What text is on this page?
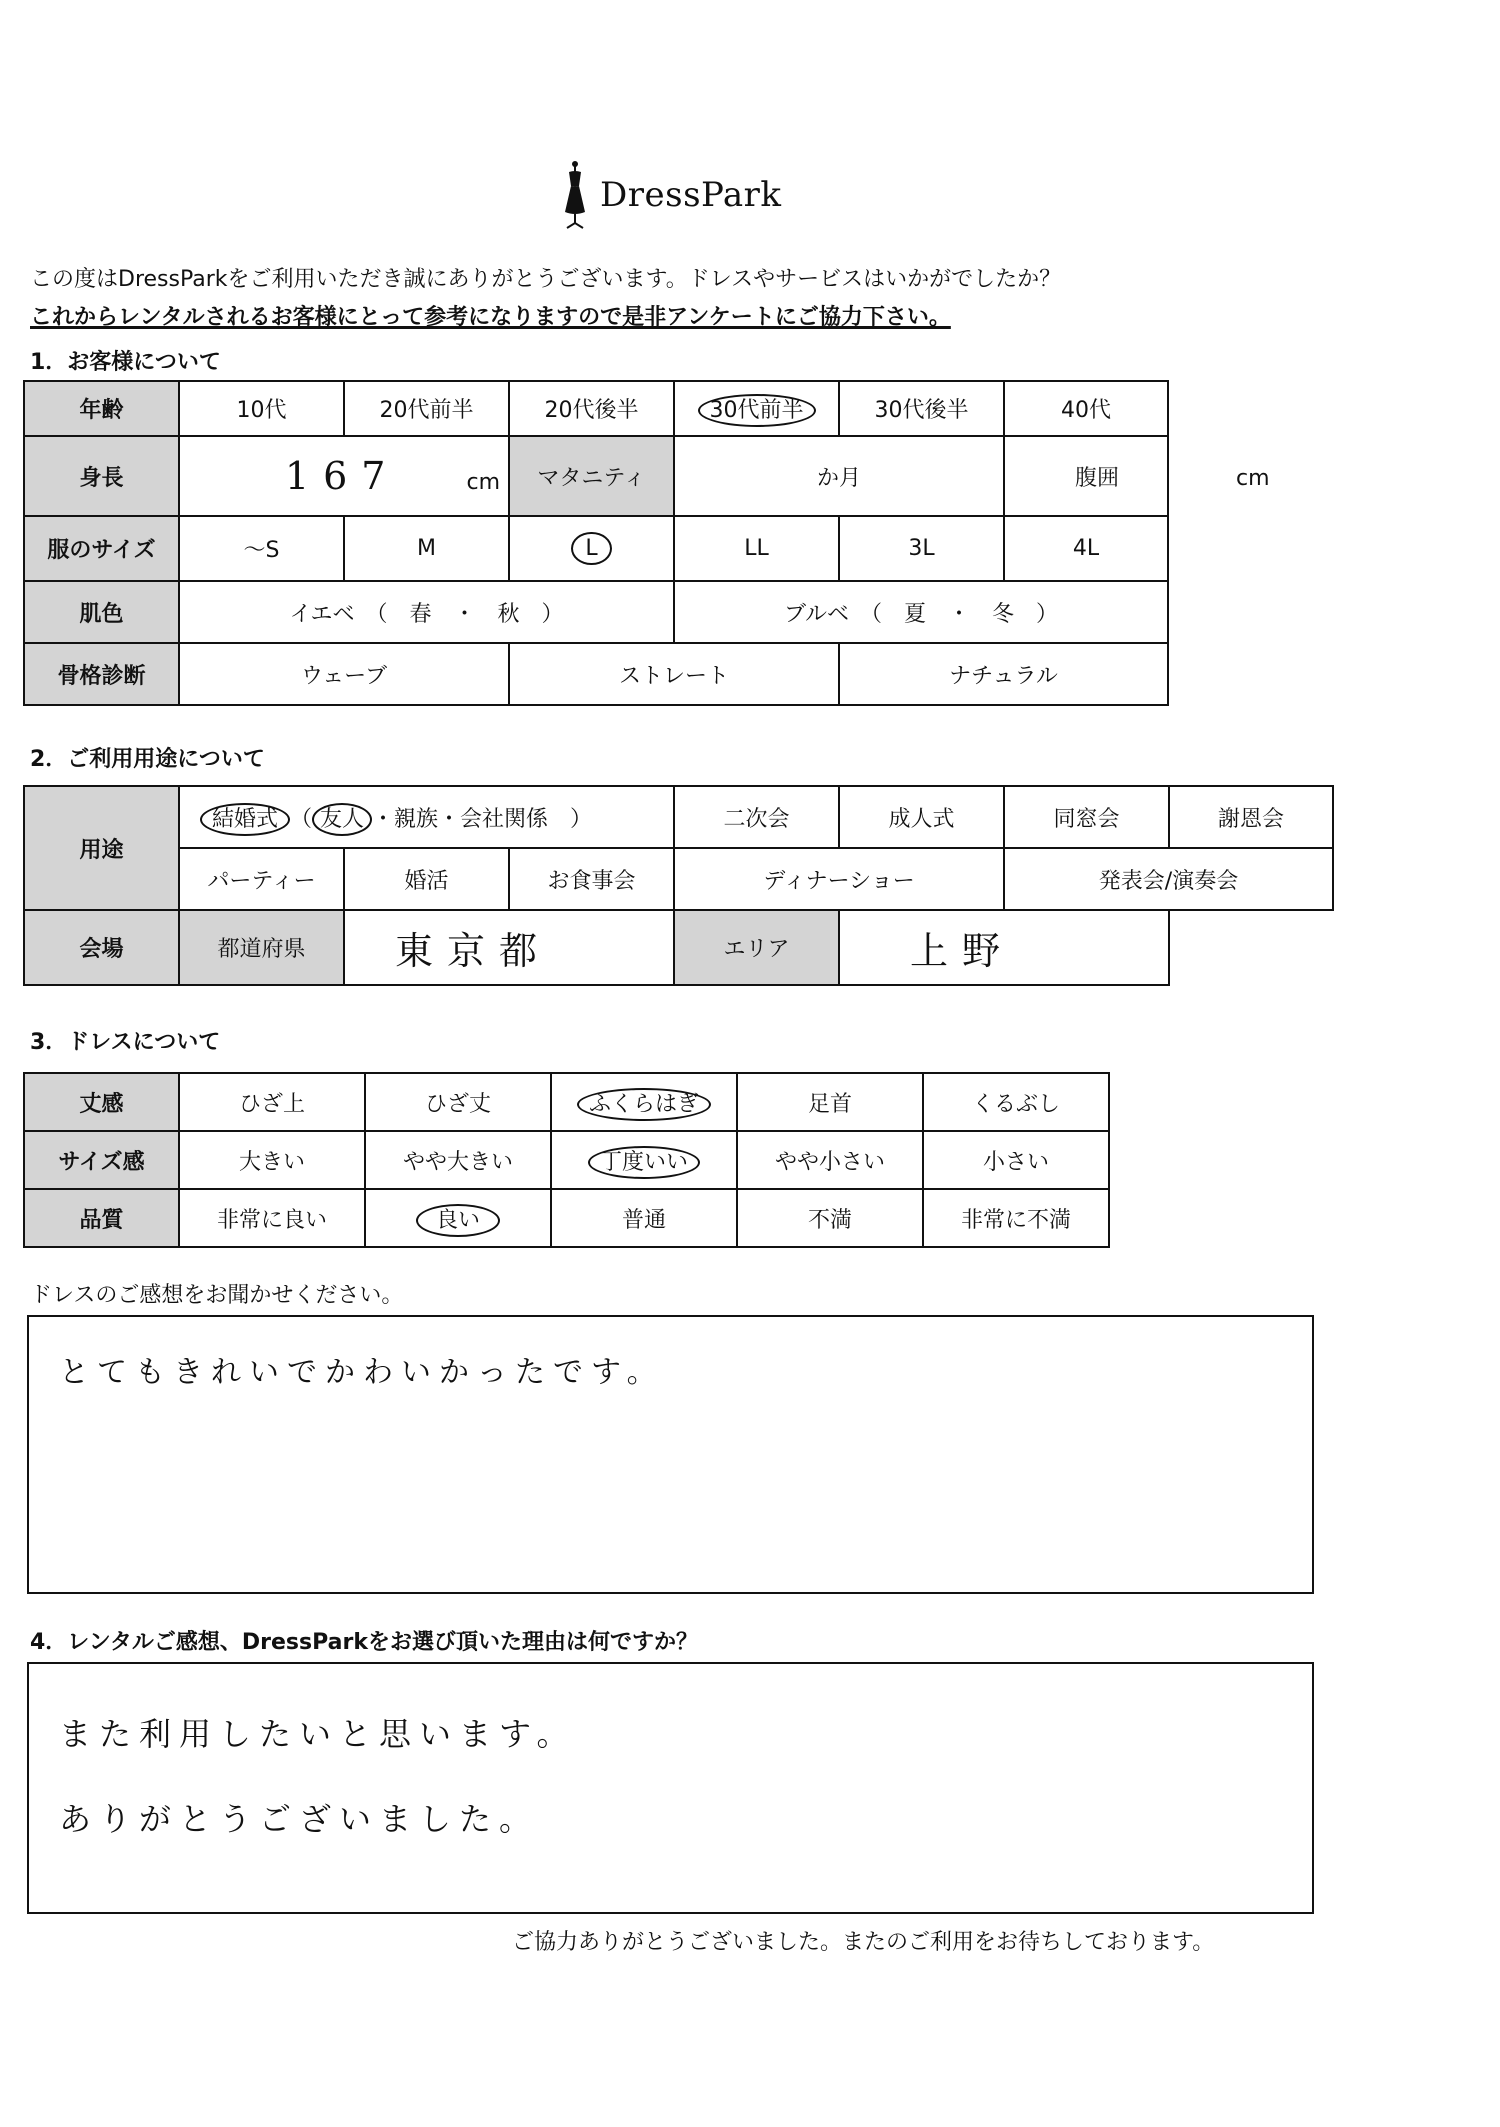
DressPark
この度はDressParkをご利用いただき誠にありがとうございます。ドレスやサービスはいかがでしたか？
これからレンタルされるお客様にとって参考になりますので是非アンケートにご協力下さい。
1．お客様について
年齢	10代	20代前半	20代後半	30代前半	30代後半	40代	
身長	167 cm		マタニティ	か月		腹囲 cm	
服のサイズ	～S	M	L	LL	3L	4L	
肌色	イエベ　（　春　・　秋　）			ブルベ　（　夏　・　冬　）			
骨格診断	ウェーブ		ストレート		ナチュラル		
2．ご利用用途について
用途	結婚式 （ 友人 ・親族・会社関係　）			二次会	成人式	同窓会	謝恩会
	パーティー	婚活	お食事会	ディナーショー		発表会/演奏会	
会場	都道府県	東京都		エリア	上野		
3．ドレスについて
丈感	ひざ上	ひざ丈	ふくらはぎ	足首	くるぶし
サイズ感	大きい	やや大きい	丁度いい	やや小さい	小さい
品質	非常に良い	良い	普通	不満	非常に不満
ドレスのご感想をお聞かせください。
とてもきれいでかわいかったです。
4．レンタルご感想、DressParkをお選び頂いた理由は何ですか？
また利用したいと思います。
ありがとうございました。
ご協力ありがとうございました。またのご利用をお待ちしております。
